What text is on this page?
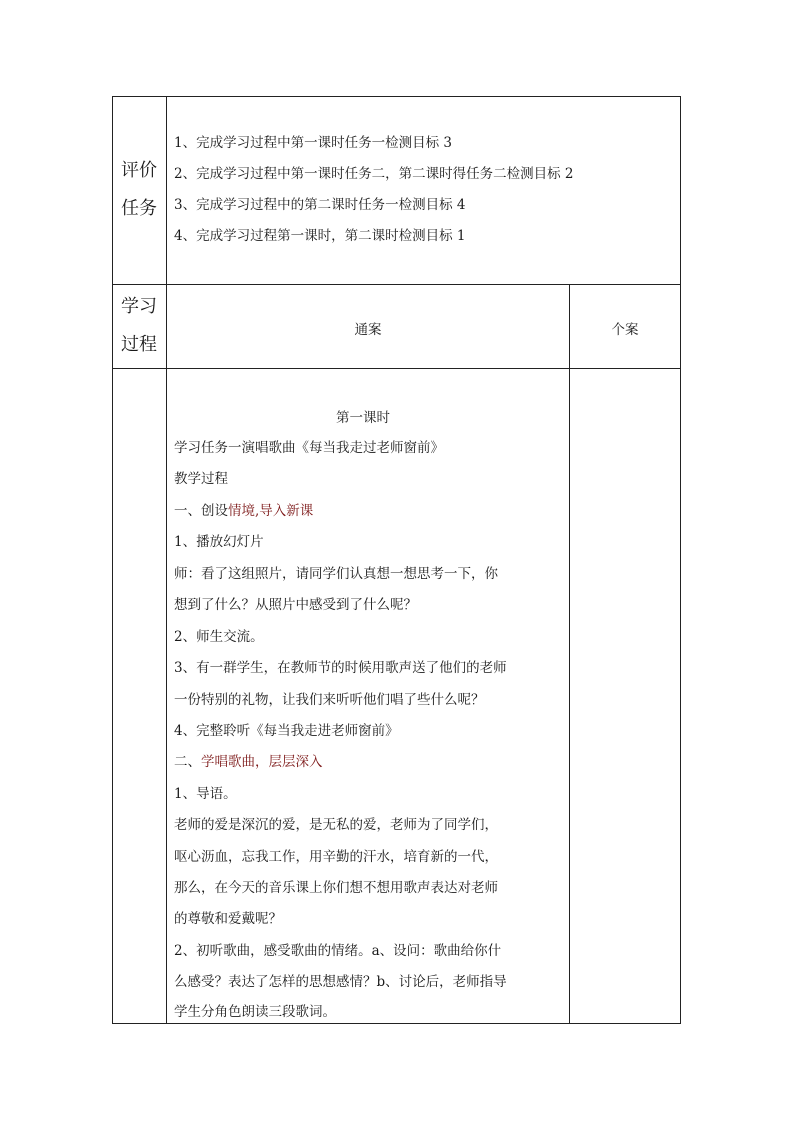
评价
任务
1、完成学习过程中第一课时任务一检测目标 3
2、完成学习过程中第一课时任务二，第二课时得任务二检测目标 2
3、完成学习过程中的第二课时任务一检测目标 4
4、完成学习过程第一课时，第二课时检测目标 1
学习
过程
通案	个案
第一课时
学习任务一演唱歌曲《每当我走过老师窗前》
教学过程
一、创设情境,导入新课
1、播放幻灯片
师：看了这组照片，请同学们认真想一想思考一下，你
想到了什么？从照片中感受到了什么呢？
2、师生交流。
3、有一群学生，在教师节的时候用歌声送了他们的老师
一份特别的礼物，让我们来听听他们唱了些什么呢？
4、完整聆听《每当我走进老师窗前》
二、学唱歌曲，层层深入
1、导语。
老师的爱是深沉的爱，是无私的爱，老师为了同学们，
呕心沥血，忘我工作，用辛勤的汗水，培育新的一代，
那么，在今天的音乐课上你们想不想用歌声表达对老师
的尊敬和爱戴呢？
2、初听歌曲，感受歌曲的情绪。a、设问：歌曲给你什
么感受？表达了怎样的思想感情？b、讨论后，老师指导
学生分角色朗读三段歌词。
